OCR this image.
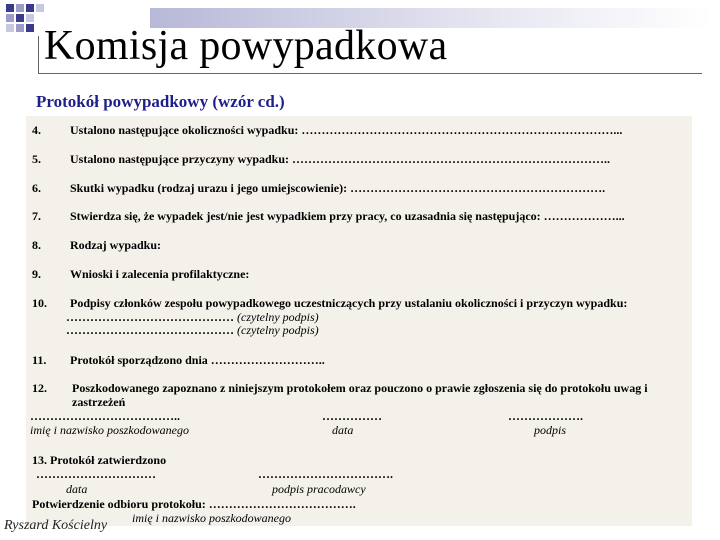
Komisja powypadkowa
Protokół powypadkowy (wzór cd.)
4. Ustalono następujące okoliczności wypadku: ……………………………………………………………………...
5. Ustalono następujące przyczyny wypadku: ……………………………………………………………………..
6. Skutki wypadku (rodzaj urazu i jego umiejscowienie): ……………………………………………………….
7. Stwierdza się, że wypadek jest/nie jest wypadkiem przy pracy, co uzasadnia się następująco: ………………...
8. Rodzaj wypadku:
9. Wnioski i zalecenia profilaktyczne:
10. Podpisy członków zespołu powypadkowego uczestniczących przy ustalaniu okoliczności i przyczyn wypadku:
…………………………………… (czytelny podpis)
…………………………………… (czytelny podpis)
11. Protokół sporządzono dnia ………………………..
12. Poszkodowanego zapoznano z niniejszym protokołem oraz pouczono o prawie zgłoszenia się do protokołu uwag i
zastrzeżeń
………………………………..
imię i nazwisko poszkodowanego
……………
data
……………….
podpis
13. Protokół zatwierdzono
…………………………
data
…………………………….
podpis pracodawcy
Potwierdzenie odbioru protokołu: ……………………………….
imię i nazwisko poszkodowanego
Ryszard Kościelny
